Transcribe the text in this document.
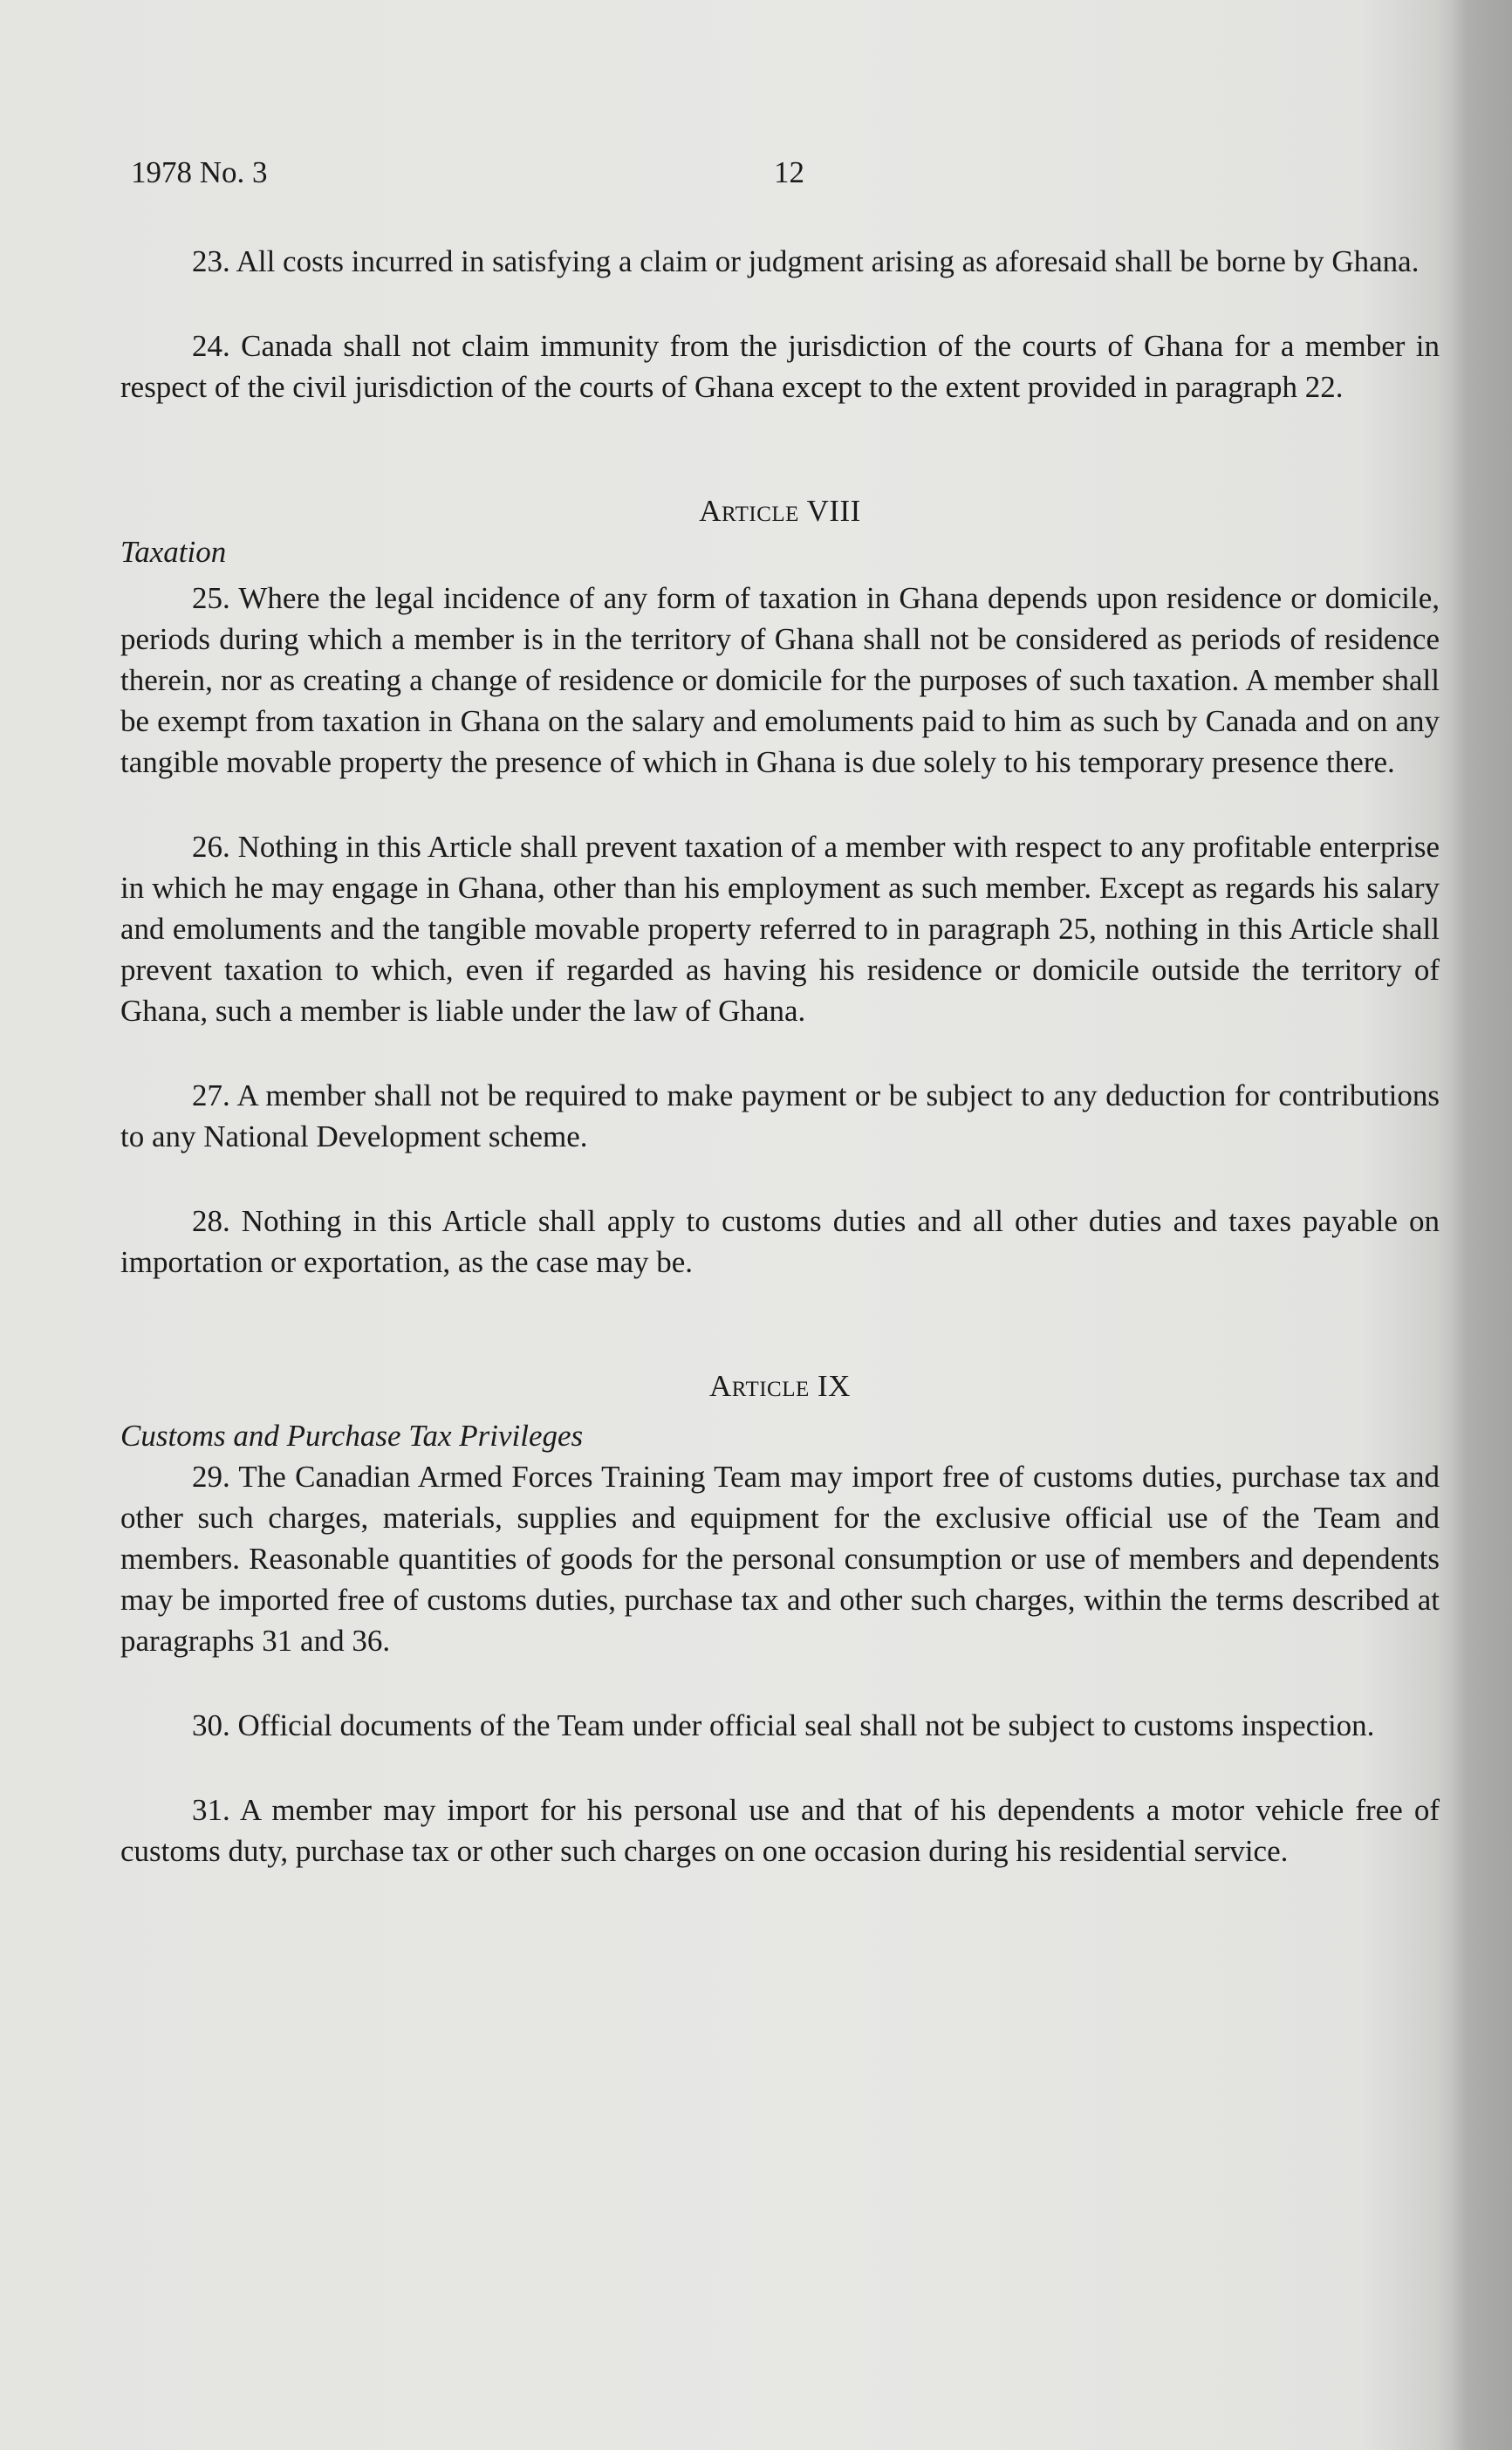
1978 No. 3	12

23. All costs incurred in satisfying a claim or judgment arising as aforesaid shall be borne by Ghana.

24. Canada shall not claim immunity from the jurisdiction of the courts of Ghana for a member in respect of the civil jurisdiction of the courts of Ghana except to the extent provided in paragraph 22.

Article VIII

Taxation

25. Where the legal incidence of any form of taxation in Ghana depends upon residence or domicile, periods during which a member is in the territory of Ghana shall not be considered as periods of residence therein, nor as creating a change of residence or domicile for the purposes of such taxation. A member shall be exempt from taxation in Ghana on the salary and emoluments paid to him as such by Canada and on any tangible movable property the presence of which in Ghana is due solely to his temporary presence there.

26. Nothing in this Article shall prevent taxation of a member with respect to any profitable enterprise in which he may engage in Ghana, other than his employment as such member. Except as regards his salary and emoluments and the tangible movable property referred to in paragraph 25, nothing in this Article shall prevent taxation to which, even if regarded as having his residence or domicile outside the territory of Ghana, such a member is liable under the law of Ghana.

27. A member shall not be required to make payment or be subject to any deduction for contributions to any National Development scheme.

28. Nothing in this Article shall apply to customs duties and all other duties and taxes payable on importation or exportation, as the case may be.

Article IX

Customs and Purchase Tax Privileges

29. The Canadian Armed Forces Training Team may import free of customs duties, purchase tax and other such charges, materials, supplies and equipment for the exclusive official use of the Team and members. Reasonable quantities of goods for the personal consumption or use of members and dependents may be imported free of customs duties, purchase tax and other such charges, within the terms described at paragraphs 31 and 36.

30. Official documents of the Team under official seal shall not be subject to customs inspection.

31. A member may import for his personal use and that of his dependents a motor vehicle free of customs duty, purchase tax or other such charges on one occasion during his residential service.
